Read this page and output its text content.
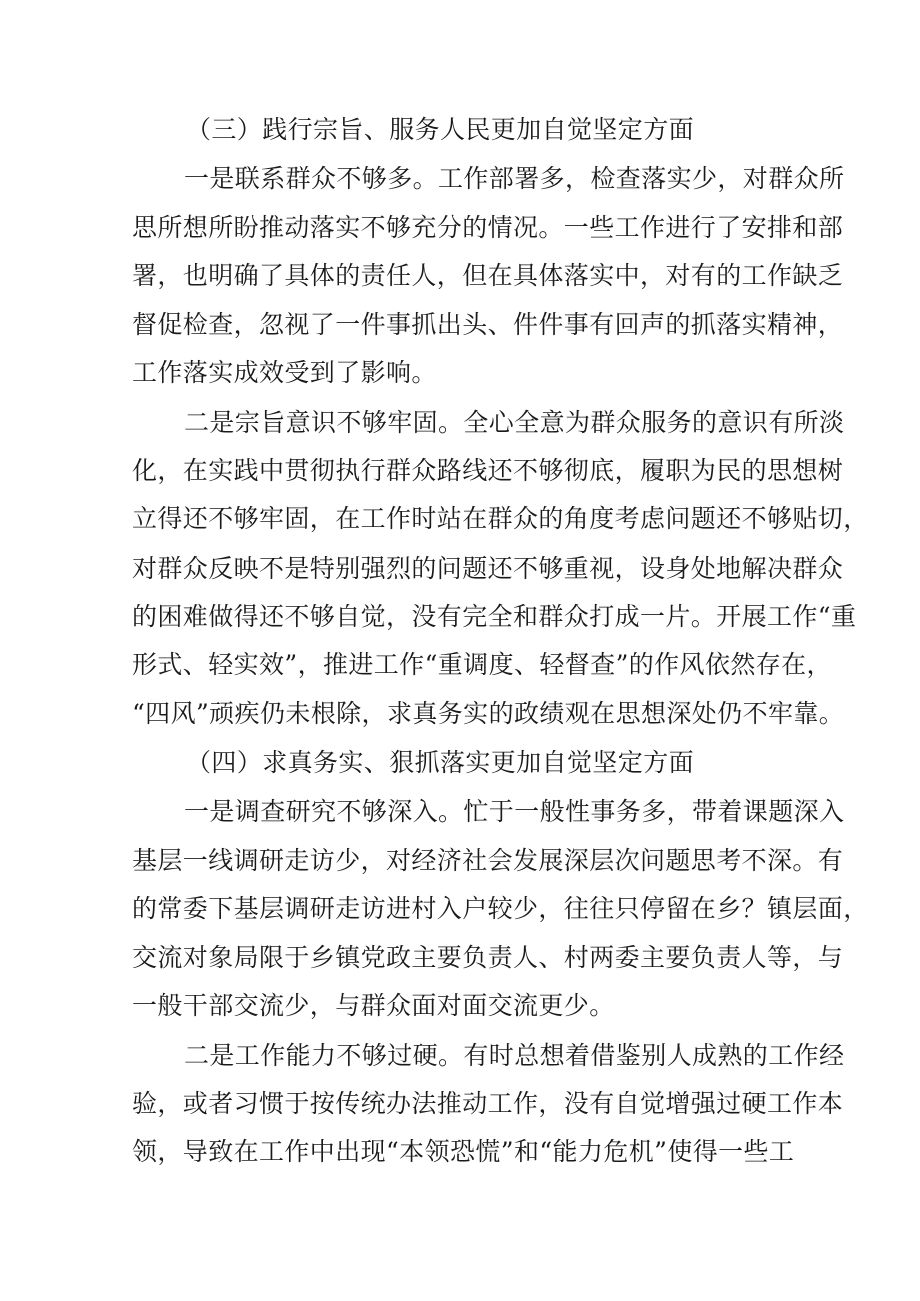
（三）践行宗旨、服务人民更加自觉坚定方面

一是联系群众不够多。工作部署多，检查落实少，对群众所

思所想所盼推动落实不够充分的情况。一些工作进行了安排和部

署，也明确了具体的责任人，但在具体落实中，对有的工作缺乏

督促检查，忽视了一件事抓出头、件件事有回声的抓落实精神，

工作落实成效受到了影响。

二是宗旨意识不够牢固。全心全意为群众服务的意识有所淡

化，在实践中贯彻执行群众路线还不够彻底，履职为民的思想树

立得还不够牢固，在工作时站在群众的角度考虑问题还不够贴切，

对群众反映不是特别强烈的问题还不够重视，设身处地解决群众

的困难做得还不够自觉，没有完全和群众打成一片。开展工作“重

形式、轻实效”，推进工作“重调度、轻督查”的作风依然存在，

“四风”顽疾仍未根除，求真务实的政绩观在思想深处仍不牢靠。

（四）求真务实、狠抓落实更加自觉坚定方面

一是调查研究不够深入。忙于一般性事务多，带着课题深入

基层一线调研走访少，对经济社会发展深层次问题思考不深。有

的常委下基层调研走访进村入户较少，往往只停留在乡？镇层面，

交流对象局限于乡镇党政主要负责人、村两委主要负责人等，与

一般干部交流少，与群众面对面交流更少。

二是工作能力不够过硬。有时总想着借鉴别人成熟的工作经

验，或者习惯于按传统办法推动工作，没有自觉增强过硬工作本

领，导致在工作中出现“本领恐慌”和“能力危机”使得一些工
